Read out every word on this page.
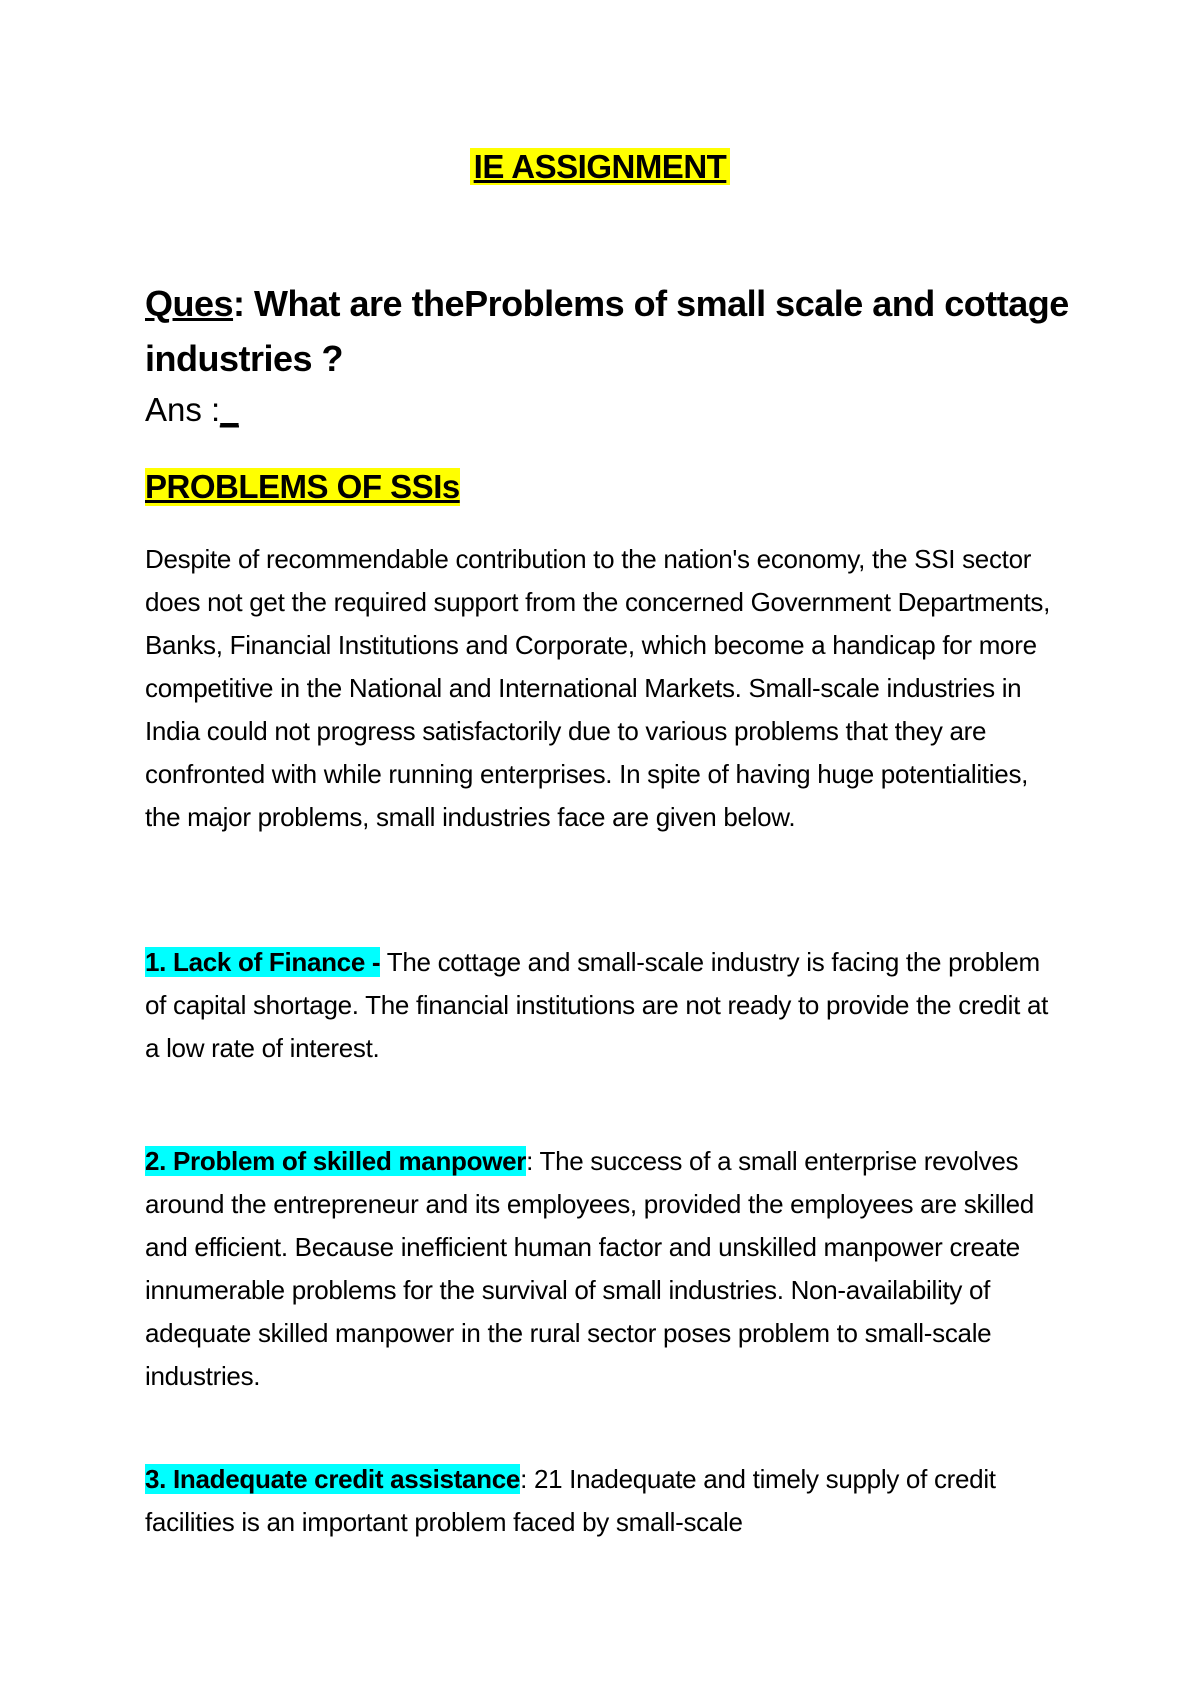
IE ASSIGNMENT
Ques: What are theProblems of small scale and cottage industries ?
Ans :_
PROBLEMS OF SSIs
Despite of recommendable contribution to the nation's economy, the SSI sector does not get the required support from the concerned Government Departments, Banks, Financial Institutions and Corporate, which become a handicap for more competitive in the National and International Markets. Small-scale industries in India could not progress satisfactorily due to various problems that they are confronted with while running enterprises. In spite of having huge potentialities, the major problems, small industries face are given below.
1. Lack of Finance - The cottage and small-scale industry is facing the problem of capital shortage. The financial institutions are not ready to provide the credit at a low rate of interest.
2. Problem of skilled manpower: The success of a small enterprise revolves around the entrepreneur and its employees, provided the employees are skilled and efficient. Because inefficient human factor and unskilled manpower create innumerable problems for the survival of small industries. Non-availability of adequate skilled manpower in the rural sector poses problem to small-scale industries.
3. Inadequate credit assistance: 21 Inadequate and timely supply of credit facilities is an important problem faced by small-scale
